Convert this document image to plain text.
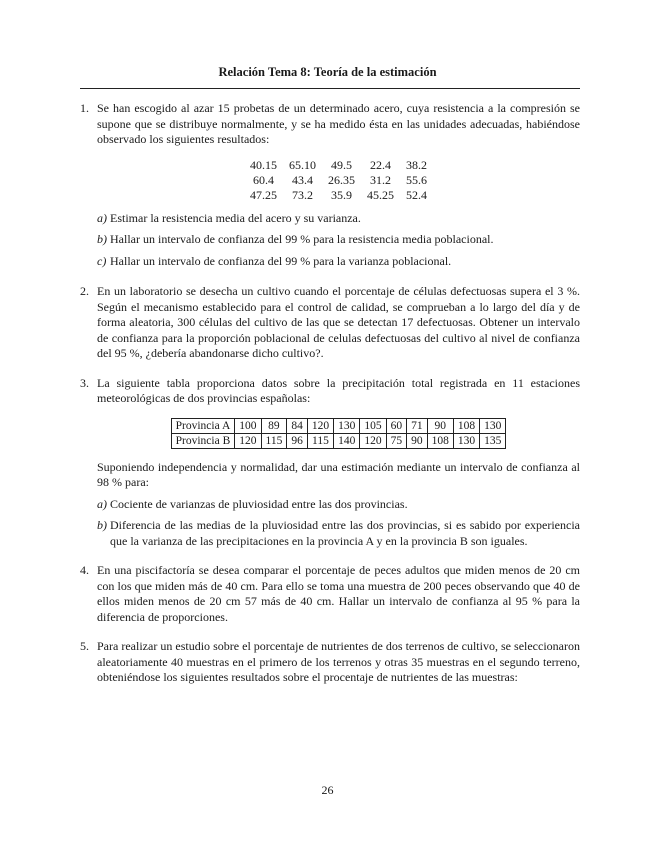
Relación Tema 8: Teoría de la estimación
1. Se han escogido al azar 15 probetas de un determinado acero, cuya resistencia a la compresión se supone que se distribuye normalmente, y se ha medido ésta en las unidades adecuadas, habiéndose observado los siguientes resultados:

40.15	65.10	49.5	22.4	38.2
60.4	43.4	26.35	31.2	55.6
47.25	73.2	35.9	45.25	52.4
a) Estimar la resistencia media del acero y su varianza.
b) Hallar un intervalo de confianza del 99 % para la resistencia media poblacional.
c) Hallar un intervalo de confianza del 99 % para la varianza poblacional.
2. En un laboratorio se desecha un cultivo cuando el porcentaje de células defectuosas supera el 3 %. Según el mecanismo establecido para el control de calidad, se comprueban a lo largo del día y de forma aleatoria, 300 células del cultivo de las que se detectan 17 defectuosas. Obtener un intervalo de confianza para la proporción poblacional de celulas defectuosas del cultivo al nivel de confianza del 95 %, ¿debería abandonarse dicho cultivo?.

3. La siguiente tabla proporciona datos sobre la precipitación total registrada en 11 estaciones meteorológicas de dos provincias españolas:

Provincia A	100	89	84	120	130	105	60	71	90	108	130
Provincia B	120	115	96	115	140	120	75	90	108	130	135

Suponiendo independencia y normalidad, dar una estimación mediante un intervalo de confianza al 98 % para:

a) Cociente de varianzas de pluviosidad entre las dos provincias.
b) Diferencia de las medias de la pluviosidad entre las dos provincias, si es sabido por experiencia que la varianza de las precipitaciones en la provincia A y en la provincia B son iguales.
4. En una piscifactoría se desea comparar el porcentaje de peces adultos que miden menos de 20 cm con los que miden más de 40 cm. Para ello se toma una muestra de 200 peces observando que 40 de ellos miden menos de 20 cm 57 más de 40 cm. Hallar un intervalo de confianza al 95 % para la diferencia de proporciones.

5. Para realizar un estudio sobre el porcentaje de nutrientes de dos terrenos de cultivo, se seleccionaron aleatoriamente 40 muestras en el primero de los terrenos y otras 35 muestras en el segundo terreno, obteniéndose los siguientes resultados sobre el procentaje de nutrientes de las muestras:

26
